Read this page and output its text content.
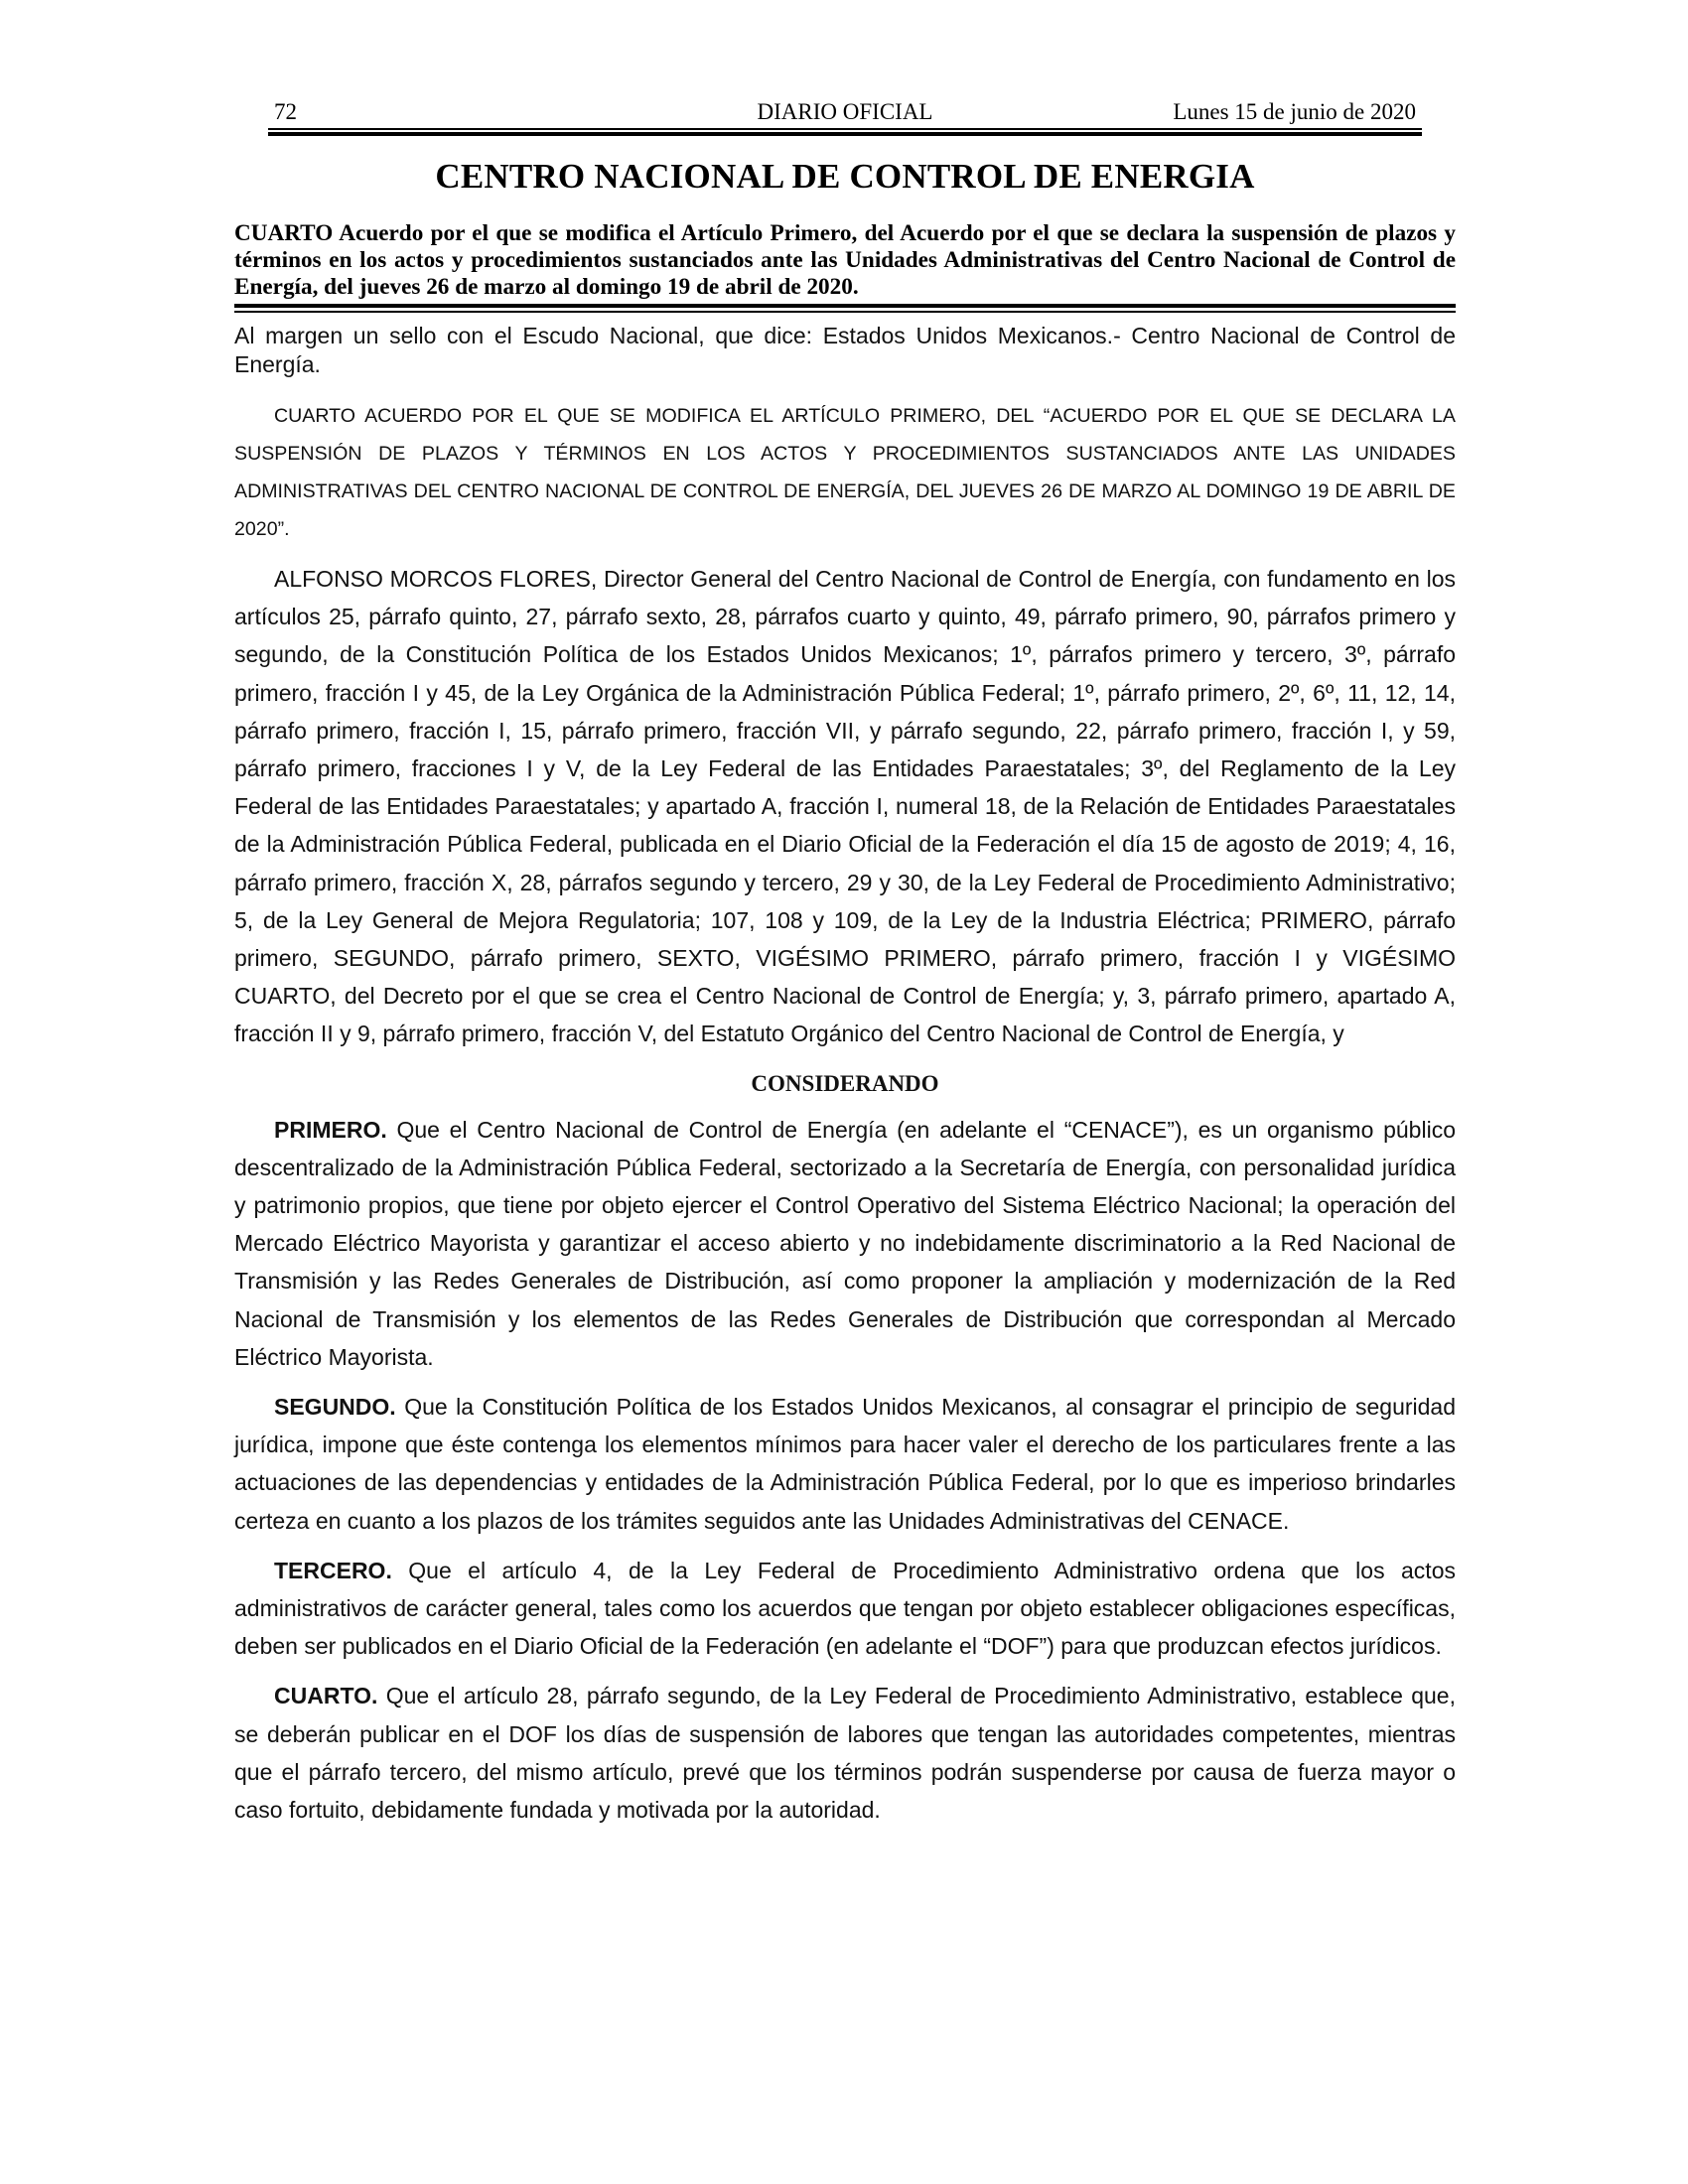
72	DIARIO OFICIAL	Lunes 15 de junio de 2020
CENTRO NACIONAL DE CONTROL DE ENERGIA
CUARTO Acuerdo por el que se modifica el Artículo Primero, del Acuerdo por el que se declara la suspensión de plazos y términos en los actos y procedimientos sustanciados ante las Unidades Administrativas del Centro Nacional de Control de Energía, del jueves 26 de marzo al domingo 19 de abril de 2020.

Al margen un sello con el Escudo Nacional, que dice: Estados Unidos Mexicanos.- Centro Nacional de Control de Energía.

CUARTO ACUERDO POR EL QUE SE MODIFICA EL ARTÍCULO PRIMERO, DEL “ACUERDO POR EL QUE SE DECLARA LA SUSPENSIÓN DE PLAZOS Y TÉRMINOS EN LOS ACTOS Y PROCEDIMIENTOS SUSTANCIADOS ANTE LAS UNIDADES ADMINISTRATIVAS DEL CENTRO NACIONAL DE CONTROL DE ENERGÍA, DEL JUEVES 26 DE MARZO AL DOMINGO 19 DE ABRIL DE 2020”.

ALFONSO MORCOS FLORES, Director General del Centro Nacional de Control de Energía, con fundamento en los artículos 25, párrafo quinto, 27, párrafo sexto, 28, párrafos cuarto y quinto, 49, párrafo primero, 90, párrafos primero y segundo, de la Constitución Política de los Estados Unidos Mexicanos; 1º, párrafos primero y tercero, 3º, párrafo primero, fracción I y 45, de la Ley Orgánica de la Administración Pública Federal; 1º, párrafo primero, 2º, 6º, 11, 12, 14, párrafo primero, fracción I, 15, párrafo primero, fracción VII, y párrafo segundo, 22, párrafo primero, fracción I, y 59, párrafo primero, fracciones I y V, de la Ley Federal de las Entidades Paraestatales; 3º, del Reglamento de la Ley Federal de las Entidades Paraestatales; y apartado A, fracción I, numeral 18, de la Relación de Entidades Paraestatales de la Administración Pública Federal, publicada en el Diario Oficial de la Federación el día 15 de agosto de 2019; 4, 16, párrafo primero, fracción X, 28, párrafos segundo y tercero, 29 y 30, de la Ley Federal de Procedimiento Administrativo; 5, de la Ley General de Mejora Regulatoria; 107, 108 y 109, de la Ley de la Industria Eléctrica; PRIMERO, párrafo primero, SEGUNDO, párrafo primero, SEXTO, VIGÉSIMO PRIMERO, párrafo primero, fracción I y VIGÉSIMO CUARTO, del Decreto por el que se crea el Centro Nacional de Control de Energía; y, 3, párrafo primero, apartado A, fracción II y 9, párrafo primero, fracción V, del Estatuto Orgánico del Centro Nacional de Control de Energía, y

CONSIDERANDO

PRIMERO. Que el Centro Nacional de Control de Energía (en adelante el “CENACE”), es un organismo público descentralizado de la Administración Pública Federal, sectorizado a la Secretaría de Energía, con personalidad jurídica y patrimonio propios, que tiene por objeto ejercer el Control Operativo del Sistema Eléctrico Nacional; la operación del Mercado Eléctrico Mayorista y garantizar el acceso abierto y no indebidamente discriminatorio a la Red Nacional de Transmisión y las Redes Generales de Distribución, así como proponer la ampliación y modernización de la Red Nacional de Transmisión y los elementos de las Redes Generales de Distribución que correspondan al Mercado Eléctrico Mayorista.

SEGUNDO. Que la Constitución Política de los Estados Unidos Mexicanos, al consagrar el principio de seguridad jurídica, impone que éste contenga los elementos mínimos para hacer valer el derecho de los particulares frente a las actuaciones de las dependencias y entidades de la Administración Pública Federal, por lo que es imperioso brindarles certeza en cuanto a los plazos de los trámites seguidos ante las Unidades Administrativas del CENACE.

TERCERO. Que el artículo 4, de la Ley Federal de Procedimiento Administrativo ordena que los actos administrativos de carácter general, tales como los acuerdos que tengan por objeto establecer obligaciones específicas, deben ser publicados en el Diario Oficial de la Federación (en adelante el “DOF”) para que produzcan efectos jurídicos.

CUARTO. Que el artículo 28, párrafo segundo, de la Ley Federal de Procedimiento Administrativo, establece que, se deberán publicar en el DOF los días de suspensión de labores que tengan las autoridades competentes, mientras que el párrafo tercero, del mismo artículo, prevé que los términos podrán suspenderse por causa de fuerza mayor o caso fortuito, debidamente fundada y motivada por la autoridad.
